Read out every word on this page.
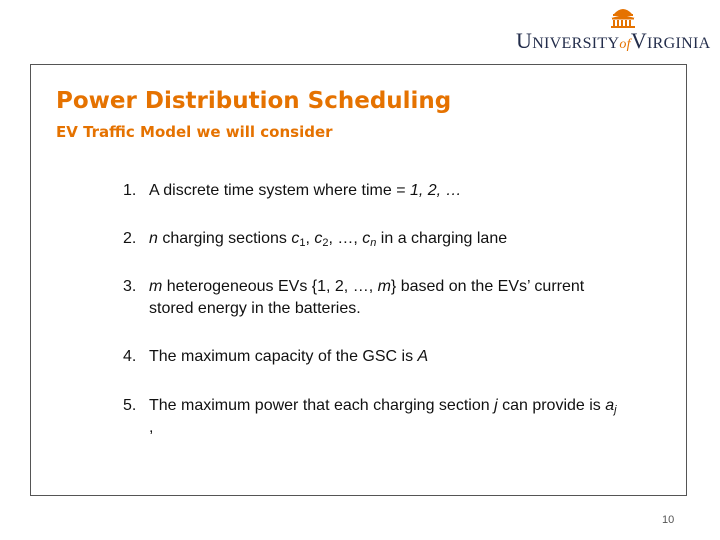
UNIVERSITYofVIRGINIA
Power Distribution Scheduling
EV Traffic Model we will consider
1. A discrete time system where time = 1, 2, …
2. n charging sections $c_1$, $c_2$, …, $c_n$ in a charging lane
3. m heterogeneous EVs {1, 2, …, m} based on the EVs’ current stored energy in the batteries.
4. The maximum capacity of the GSC is A
5. The maximum power that each charging section j can provide is $a_j$ ,
10
